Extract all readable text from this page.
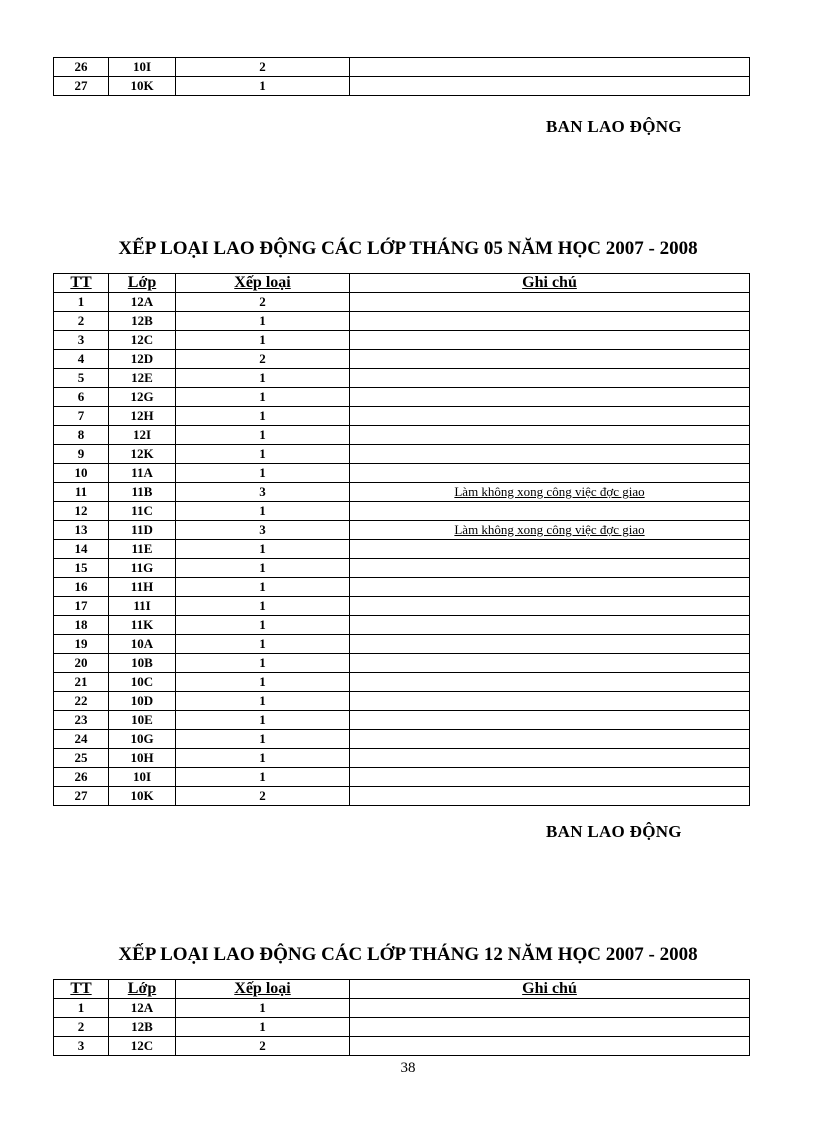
26	10I	2	
27	10K	1	
BAN LAO ĐỘNG
XẾP LOẠI LAO ĐỘNG CÁC LỚP THÁNG 05 NĂM HỌC 2007 - 2008
TT	Lớp	Xếp loại	Ghi chú
1	12A	2	
2	12B	1	
3	12C	1	
4	12D	2	
5	12E	1	
6	12G	1	
7	12H	1	
8	12I	1	
9	12K	1	
10	11A	1	
11	11B	3	Làm không xong công việc đợc giao
12	11C	1	
13	11D	3	Làm không xong công việc đợc giao
14	11E	1	
15	11G	1	
16	11H	1	
17	11I	1	
18	11K	1	
19	10A	1	
20	10B	1	
21	10C	1	
22	10D	1	
23	10E	1	
24	10G	1	
25	10H	1	
26	10I	1	
27	10K	2	
BAN LAO ĐỘNG
XẾP LOẠI LAO ĐỘNG CÁC LỚP THÁNG 12 NĂM HỌC 2007 - 2008
TT	Lớp	Xếp loại	Ghi chú
1	12A	1	
2	12B	1	
3	12C	2	
38
